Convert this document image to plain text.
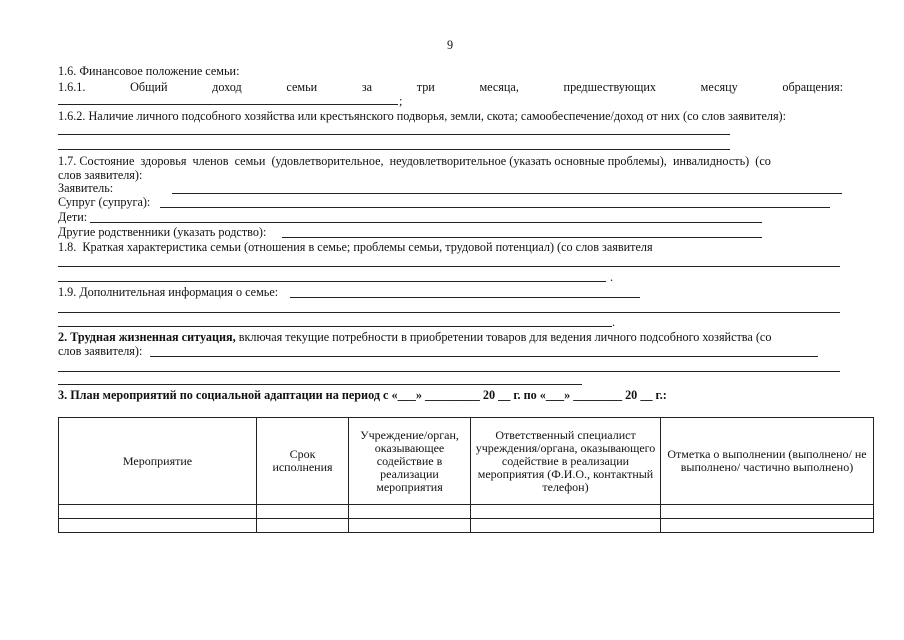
9
1.6. Финансовое положение семьи:
1.6.1.	Общий	доход	семьи	за	три	месяца,	предшествующих	месяцу	обращения:
;
1.6.2. Наличие личного подсобного хозяйства или крестьянского подворья, земли, скота; самообеспечение/доход от них (со слов заявителя):
1.7. Состояние  здоровья  членов  семьи  (удовлетворительное,  неудовлетворительное (указать основные проблемы),  инвалидность)  (со
слов заявителя):
Заявитель:
Супруг (супруга):
Дети:
Другие родственники (указать родство):
1.8.  Краткая характеристика семьи (отношения в семье; проблемы семьи, трудовой потенциал) (со слов заявителя
.
1.9. Дополнительная информация о семье:
.
2. Трудная жизненная ситуация, включая текущие потребности в приобретении товаров для ведения личного подсобного хозяйства (со
слов заявителя):
3. План мероприятий по социальной адаптации на период с «___» _________ 20 __ г. по «___» ________ 20 __ г.:
Мероприятие	Срок исполнения	Учреждение/орган, оказывающее содействие в реализации мероприятия	Ответственный специалист учреждения/органа, оказывающего содействие в реализации мероприятия (Ф.И.О., контактный телефон)	Отметка о выполнении (выполнено/ не выполнено/ частично выполнено)
